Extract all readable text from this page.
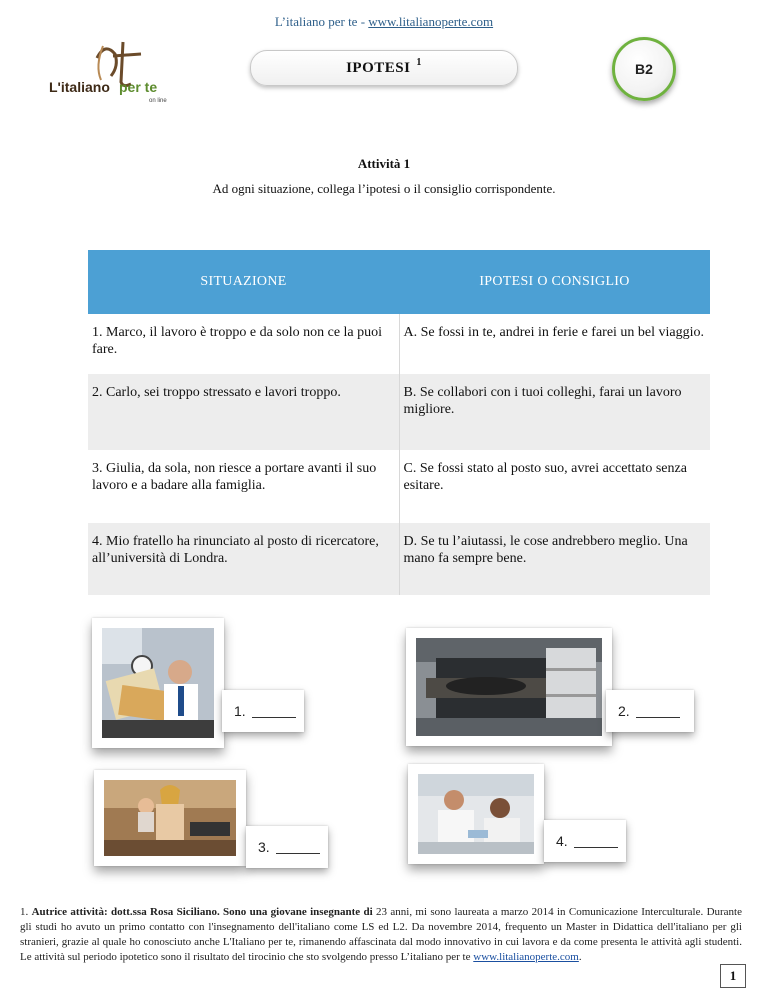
L’italiano per te - www.litalianoperte.com
L'italiano per te
on line
IPOTESI $^1$	B2
Attività 1
Ad ogni situazione, collega l’ipotesi o il consiglio corrispondente.
SITUAZIONE	IPOTESI O CONSIGLIO
1. Marco, il lavoro è troppo e da solo non ce la puoi fare.	A. Se fossi in te, andrei in ferie e farei un bel viaggio.
2. Carlo, sei troppo stressato e lavori troppo.	B. Se collabori con i tuoi colleghi, farai un lavoro migliore.
3. Giulia, da sola, non riesce a portare avanti il suo lavoro e a badare alla famiglia.	C. Se fossi stato al posto suo, avrei accettato senza esitare.
4. Mio fratello ha rinunciato al posto di ricercatore, all’università di Londra.	D. Se tu l’aiutassi, le cose andrebbero meglio. Una mano fa sempre bene.
1.	2.
3.	4.
1. Autrice attività: dott.ssa Rosa Siciliano. Sono una giovane insegnante di 23 anni, mi sono laureata a marzo 2014 in Comunicazione Interculturale. Durante gli studi ho avuto un primo contatto con l'insegnamento dell'italiano come LS ed L2. Da novembre 2014, frequento un Master in Didattica dell'italiano per gli stranieri, grazie al quale ho conosciuto anche L'Italiano per te, rimanendo affascinata dal modo innovativo in cui lavora e da come presenta le attività agli studenti. Le attività sul periodo ipotetico sono il risultato del tirocinio che sto svolgendo presso L’italiano per te www.litalianoperte.com.
1
